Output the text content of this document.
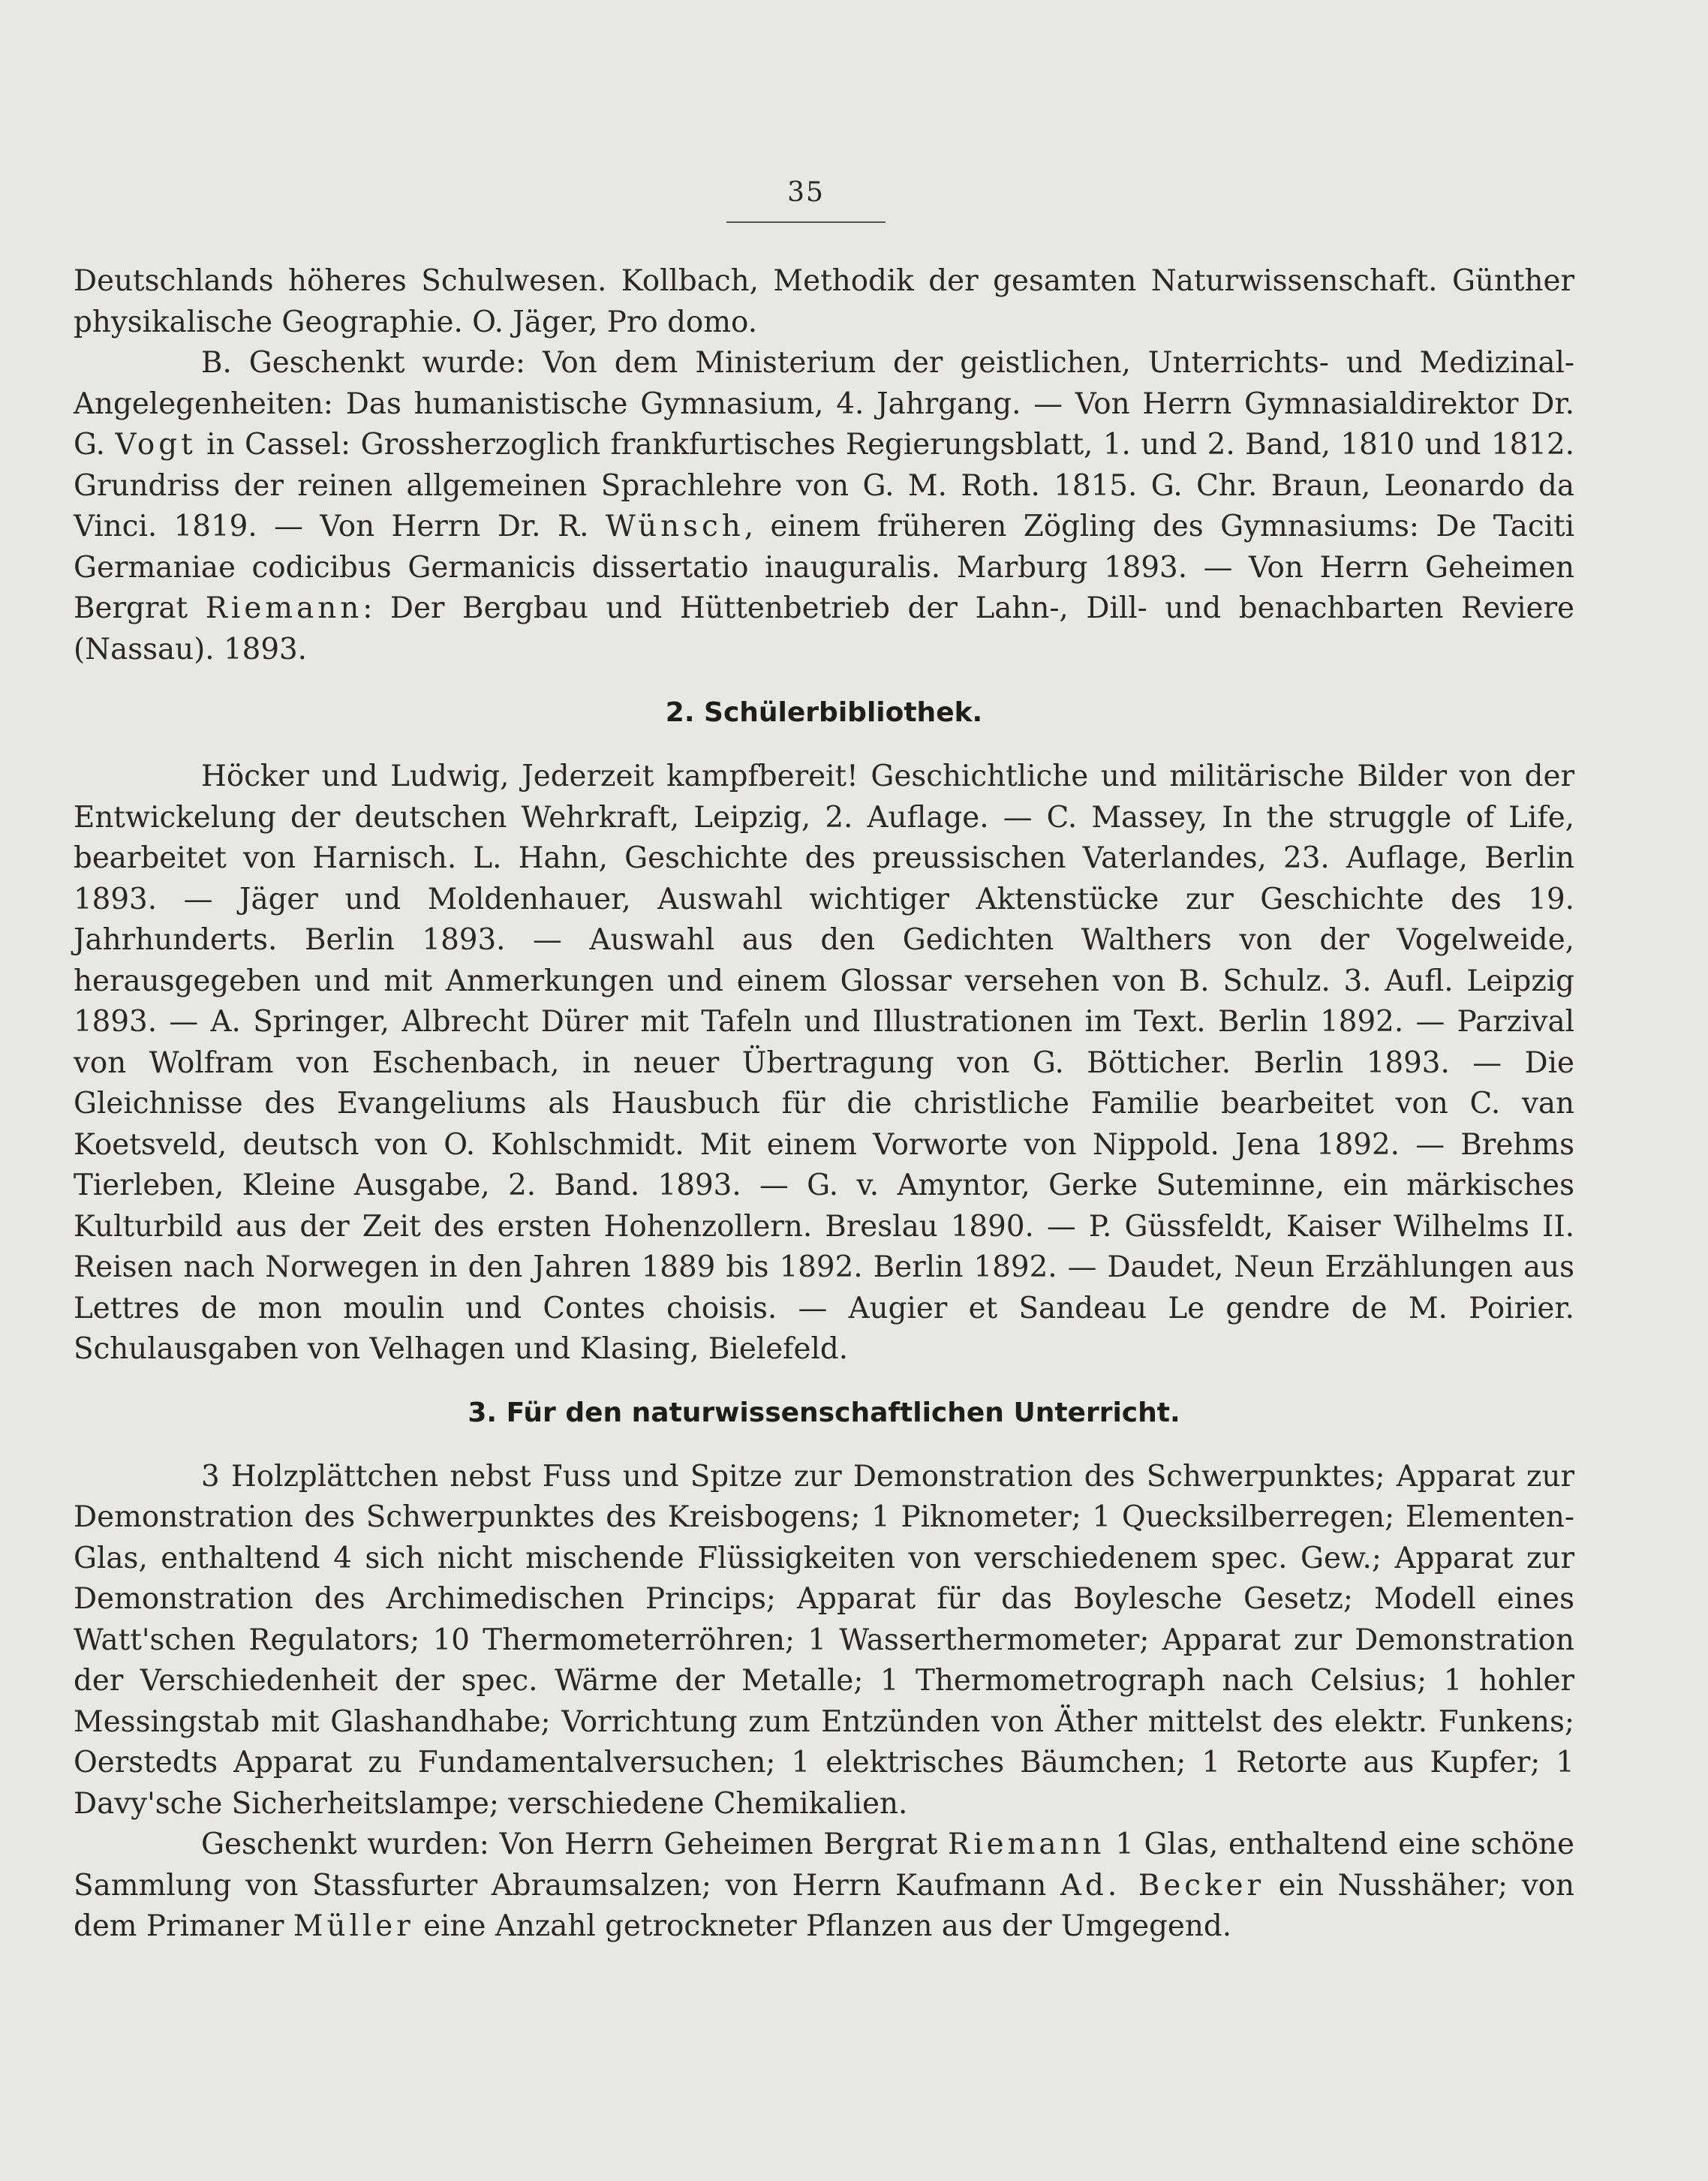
35

Deutschlands höheres Schulwesen. Kollbach, Methodik der gesamten Naturwissenschaft. Günther physikalische Geographie. O. Jäger, Pro domo.

B. Geschenkt wurde: Von dem Ministerium der geistlichen, Unterrichts- und Medizinal-Angelegenheiten: Das humanistische Gymnasium, 4. Jahrgang. — Von Herrn Gymnasialdirektor Dr. G. Vogt in Cassel: Grossherzoglich frankfurtisches Regierungsblatt, 1. und 2. Band, 1810 und 1812. Grundriss der reinen allgemeinen Sprachlehre von G. M. Roth. 1815. G. Chr. Braun, Leonardo da Vinci. 1819. — Von Herrn Dr. R. Wünsch, einem früheren Zögling des Gymnasiums: De Taciti Germaniae codicibus Germanicis dissertatio inauguralis. Marburg 1893. — Von Herrn Geheimen Bergrat Riemann: Der Bergbau und Hüttenbetrieb der Lahn-, Dill- und benachbarten Reviere (Nassau). 1893.

2. Schülerbibliothek.

Höcker und Ludwig, Jederzeit kampfbereit! Geschichtliche und militärische Bilder von der Entwickelung der deutschen Wehrkraft, Leipzig, 2. Auflage. — C. Massey, In the struggle of Life, bearbeitet von Harnisch. L. Hahn, Geschichte des preussischen Vaterlandes, 23. Auflage, Berlin 1893. — Jäger und Moldenhauer, Auswahl wichtiger Aktenstücke zur Geschichte des 19. Jahrhunderts. Berlin 1893. — Auswahl aus den Gedichten Walthers von der Vogelweide, herausgegeben und mit Anmerkungen und einem Glossar versehen von B. Schulz. 3. Aufl. Leipzig 1893. — A. Springer, Albrecht Dürer mit Tafeln und Illustrationen im Text. Berlin 1892. — Parzival von Wolfram von Eschenbach, in neuer Übertragung von G. Bötticher. Berlin 1893. — Die Gleichnisse des Evangeliums als Hausbuch für die christliche Familie bearbeitet von C. van Koetsveld, deutsch von O. Kohlschmidt. Mit einem Vorworte von Nippold. Jena 1892. — Brehms Tierleben, Kleine Ausgabe, 2. Band. 1893. — G. v. Amyntor, Gerke Suteminne, ein märkisches Kulturbild aus der Zeit des ersten Hohenzollern. Breslau 1890. — P. Güssfeldt, Kaiser Wilhelms II. Reisen nach Norwegen in den Jahren 1889 bis 1892. Berlin 1892. — Daudet, Neun Erzählungen aus Lettres de mon moulin und Contes choisis. — Augier et Sandeau Le gendre de M. Poirier. Schulausgaben von Velhagen und Klasing, Bielefeld.

3. Für den naturwissenschaftlichen Unterricht.

3 Holzplättchen nebst Fuss und Spitze zur Demonstration des Schwerpunktes; Apparat zur Demonstration des Schwerpunktes des Kreisbogens; 1 Piknometer; 1 Quecksilberregen; Elementen-Glas, enthaltend 4 sich nicht mischende Flüssigkeiten von verschiedenem spec. Gew.; Apparat zur Demonstration des Archimedischen Princips; Apparat für das Boylesche Gesetz; Modell eines Watt'schen Regulators; 10 Thermometerröhren; 1 Wasserthermometer; Apparat zur Demonstration der Verschiedenheit der spec. Wärme der Metalle; 1 Thermometrograph nach Celsius; 1 hohler Messingstab mit Glashandhabe; Vorrichtung zum Entzünden von Äther mittelst des elektr. Funkens; Oerstedts Apparat zu Fundamentalversuchen; 1 elektrisches Bäumchen; 1 Retorte aus Kupfer; 1 Davy'sche Sicherheitslampe; verschiedene Chemikalien.

Geschenkt wurden: Von Herrn Geheimen Bergrat Riemann 1 Glas, enthaltend eine schöne Sammlung von Stassfurter Abraumsalzen; von Herrn Kaufmann Ad. Becker ein Nusshäher; von dem Primaner Müller eine Anzahl getrockneter Pflanzen aus der Umgegend.
